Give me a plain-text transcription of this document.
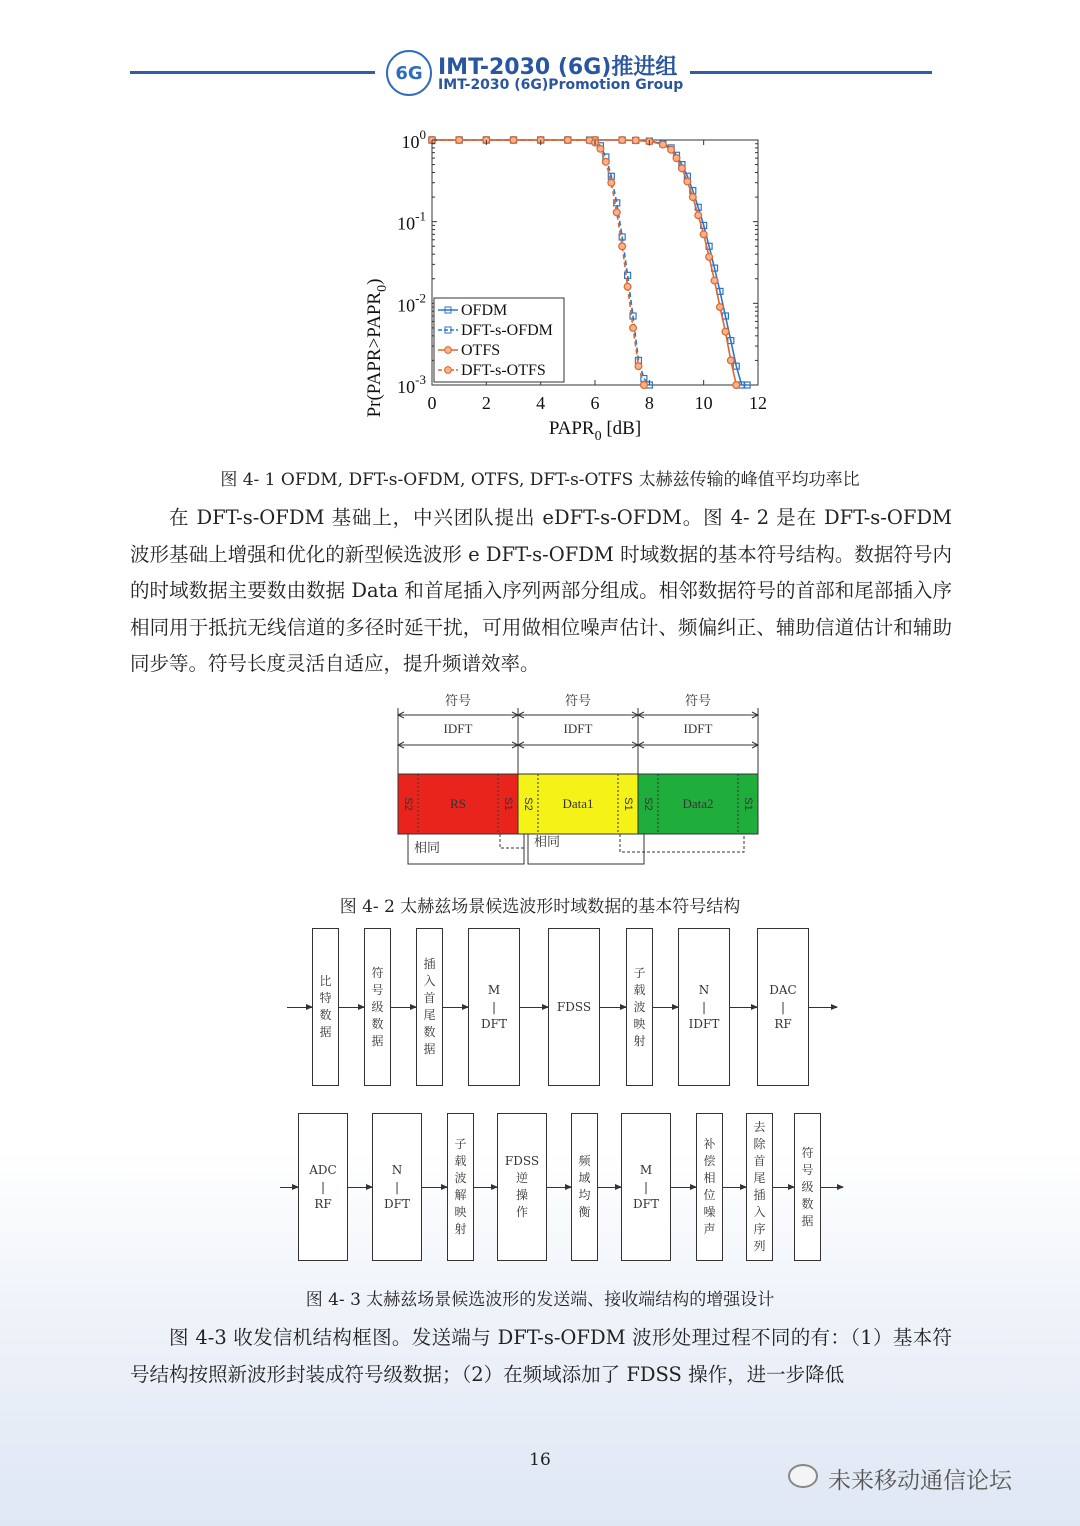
6G IMT-2030 (6G)推进组
IMT-2030 (6G)Promotion Group
0	2	4	6	8 10 12
$10^0$
$10^{-1}$
$10^{-2}$
$10^{-3}$
OFDM
DFT-s-OFDM
OTFS
DFT-s-OTFS
$PAPR_0$ [dB]
$Pr(PAPR>PAPR_0)$
图 4- 1 OFDM, DFT-s-OFDM, OTFS, DFT-s-OTFS 太赫兹传输的峰值平均功率比

在 DFT-s-OFDM 基础上，中兴团队提出 eDFT-s-OFDM。图 4- 2 是在 DFT-s-OFDM 波形基础上增强和优化的新型候选波形 e DFT-s-OFDM 时域数据的基本符号结构。数据符号内的时域数据主要数由数据 Data 和首尾插入序列两部分组成。相邻数据符号的首部和尾部插入序相同用于抵抗无线信道的多径时延干扰，可用做相位噪声估计、频偏纠正、辅助信道估计和辅助同步等。符号长度灵活自适应，提升频谱效率。

符号
IDFT
符号
IDFT
符号
IDFT
S2	RS	S1 S2 Data1	S1 S2 Data2	S1
相同	相同
图 4- 2 太赫兹场景候选波形时域数据的基本符号结构
比
特
数
据
符
号
级
数
据
插
入
首
尾
数
据
M
|
DFT
FDSS
子
载
波
映
射
N
|
IDFT
DAC
|
RF
ADC
|
RF
N
|
DFT
子
载
波
解
映
射
FDSS
逆
操
作
频
域
均
衡
M
|
DFT
补
偿
相
位
噪
声
去
除
首
尾
插
入
序
列
符
号
级
数
据
图 4- 3 太赫兹场景候选波形的发送端、接收端结构的增强设计

图 4-3 收发信机结构框图。发送端与 DFT-s-OFDM 波形处理过程不同的有：（1）基本符号结构按照新波形封装成符号级数据；（2）在频域添加了 FDSS 操作，进一步降低

16
未来移动通信论坛
